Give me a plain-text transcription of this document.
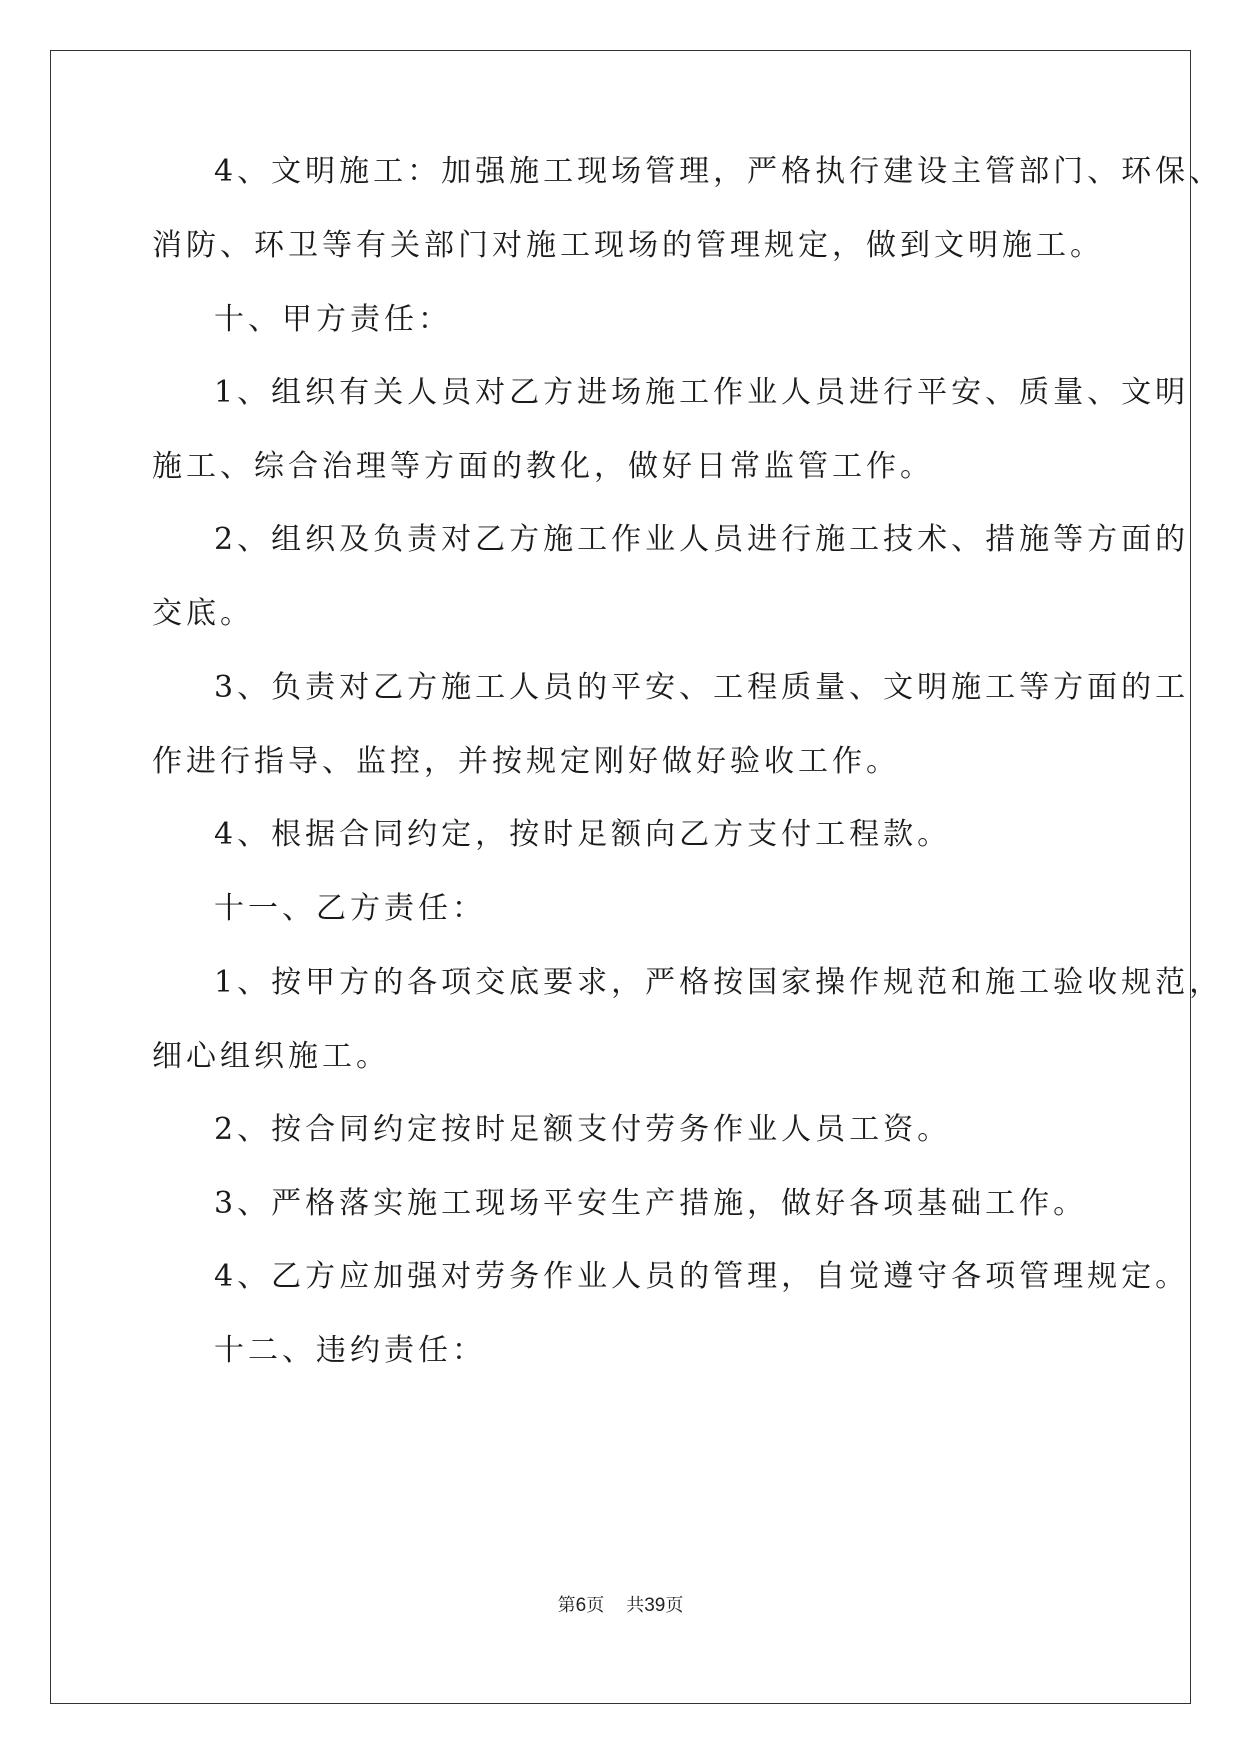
4、文明施工：加强施工现场管理，严格执行建设主管部门、环保、
消防、环卫等有关部门对施工现场的管理规定，做到文明施工。
十、甲方责任：
1、组织有关人员对乙方进场施工作业人员进行平安、质量、文明
施工、综合治理等方面的教化，做好日常监管工作。
2、组织及负责对乙方施工作业人员进行施工技术、措施等方面的
交底。
3、负责对乙方施工人员的平安、工程质量、文明施工等方面的工
作进行指导、监控，并按规定刚好做好验收工作。
4、根据合同约定，按时足额向乙方支付工程款。
十一、乙方责任：
1、按甲方的各项交底要求，严格按国家操作规范和施工验收规范，
细心组织施工。
2、按合同约定按时足额支付劳务作业人员工资。
3、严格落实施工现场平安生产措施，做好各项基础工作。
4、乙方应加强对劳务作业人员的管理，自觉遵守各项管理规定。
十二、违约责任：
第6页 共39页
